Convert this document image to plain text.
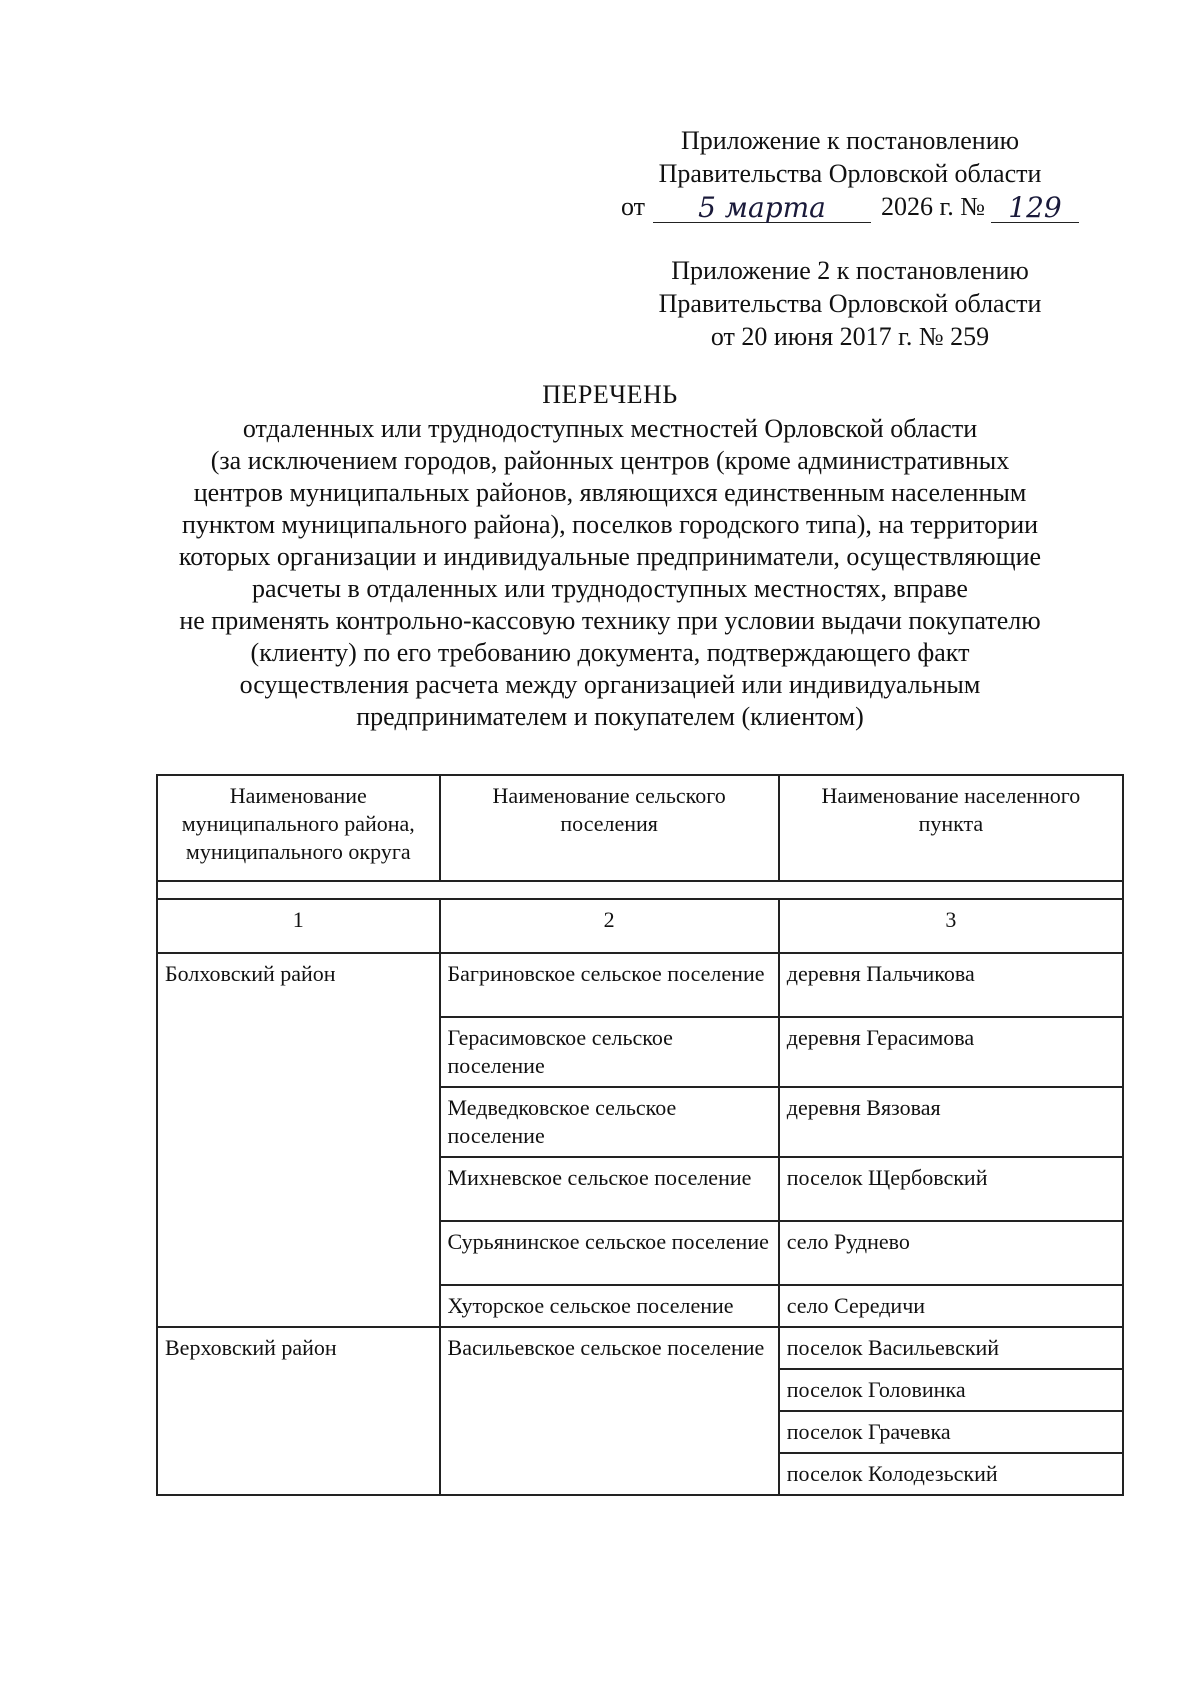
Приложение к постановлению
Правительства Орловской области
от	5 марта	2026 г. № 129
Приложение 2 к постановлению
Правительства Орловской области
от 20 июня 2017 г. № 259
ПЕРЕЧЕНЬ
отдаленных или труднодоступных местностей Орловской области
(за исключением городов, районных центров (кроме административных
центров муниципальных районов, являющихся единственным населенным
пунктом муниципального района), поселков городского типа), на территории
которых организации и индивидуальные предприниматели, осуществляющие
расчеты в отдаленных или труднодоступных местностях, вправе
не применять контрольно-кассовую технику при условии выдачи покупателю
(клиенту) по его требованию документа, подтверждающего факт
осуществления расчета между организацией или индивидуальным
предпринимателем и покупателем (клиентом)
Наименование муниципального района, муниципального округа	Наименование сельского поселения	Наименование населенного пункта

1	2	3
Болховский район	Багриновское сельское поселение	деревня Пальчикова
	Герасимовское сельское поселение	деревня Герасимова
	Медведковское сельское поселение	деревня Вязовая
	Михневское сельское поселение	поселок Щербовский
	Сурьянинское сельское поселение	село Руднево
	Хуторское сельское поселение	село Середичи
Верховский район	Васильевское сельское поселение	поселок Васильевский
		поселок Головинка
		поселок Грачевка
		поселок Колодезьский
